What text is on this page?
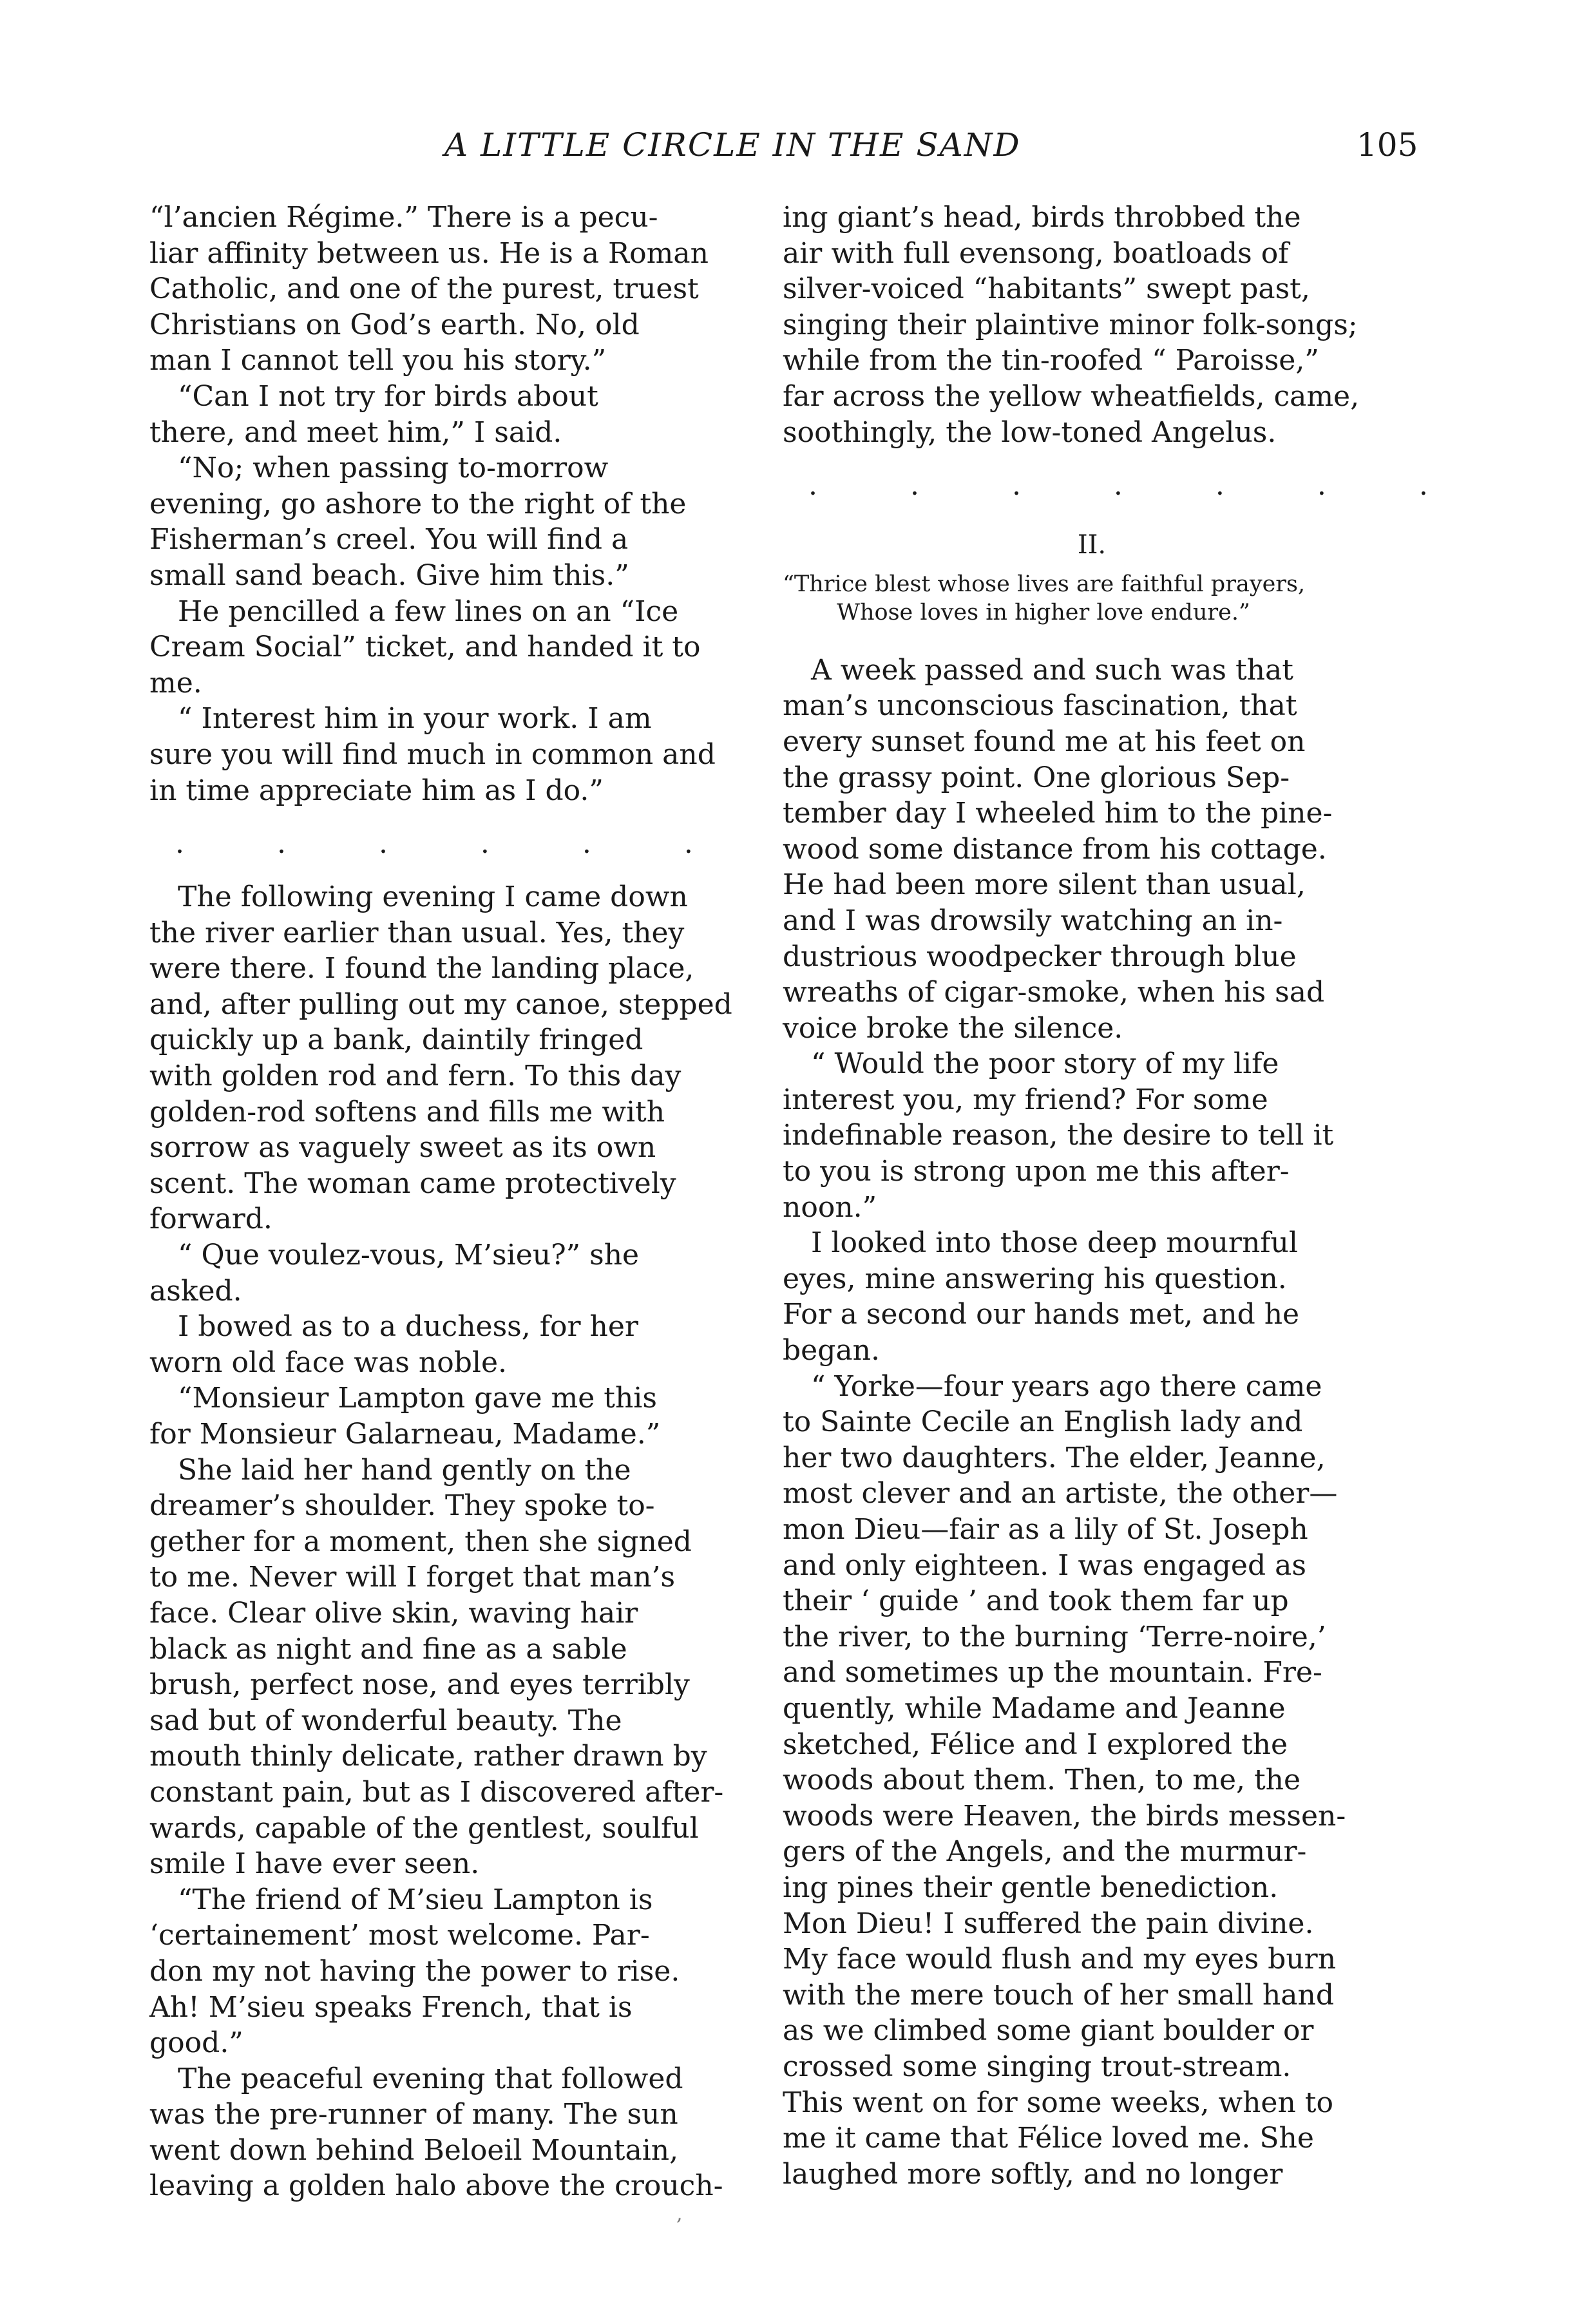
A LITTLE CIRCLE IN THE SAND	105
“l’ancien Régime.” There is a pecu-
liar affinity between us. He is a Roman
Catholic, and one of the purest, truest
Christians on God’s earth. No, old
man I cannot tell you his story.”
“Can I not try for birds about
there, and meet him,” I said.
“No; when passing to-morrow
evening, go ashore to the right of the
Fisherman’s creel. You will find a
small sand beach. Give him this.”
He pencilled a few lines on an “Ice
Cream Social” ticket, and handed it to
me.
“ Interest him in your work. I am
sure you will find much in common and
in time appreciate him as I do.”
. . . . . .
The following evening I came down
the river earlier than usual. Yes, they
were there. I found the landing place,
and, after pulling out my canoe, stepped
quickly up a bank, daintily fringed
with golden rod and fern. To this day
golden-rod softens and fills me with
sorrow as vaguely sweet as its own
scent. The woman came protectively
forward.
“ Que voulez-vous, M’sieu?” she
asked.
I bowed as to a duchess, for her
worn old face was noble.
“Monsieur Lampton gave me this
for Monsieur Galarneau, Madame.”
She laid her hand gently on the
dreamer’s shoulder. They spoke to-
gether for a moment, then she signed
to me. Never will I forget that man’s
face. Clear olive skin, waving hair
black as night and fine as a sable
brush, perfect nose, and eyes terribly
sad but of wonderful beauty. The
mouth thinly delicate, rather drawn by
constant pain, but as I discovered after-
wards, capable of the gentlest, soulful
smile I have ever seen.
“The friend of M’sieu Lampton is
‘certainement’ most welcome. Par-
don my not having the power to rise.
Ah! M’sieu speaks French, that is
good.”
The peaceful evening that followed
was the pre-runner of many. The sun
went down behind Beloeil Mountain,
leaving a golden halo above the crouch-
ing giant’s head, birds throbbed the
air with full evensong, boatloads of
silver-voiced “habitants” swept past,
singing their plaintive minor folk-songs;
while from the tin-roofed “ Paroisse,”
far across the yellow wheatfields, came,
soothingly, the low-toned Angelus.
. . . . . . .
II.
“Thrice blest whose lives are faithful prayers,
Whose loves in higher love endure.”
A week passed and such was that
man’s unconscious fascination, that
every sunset found me at his feet on
the grassy point. One glorious Sep-
tember day I wheeled him to the pine-
wood some distance from his cottage.
He had been more silent than usual,
and I was drowsily watching an in-
dustrious woodpecker through blue
wreaths of cigar-smoke, when his sad
voice broke the silence.
“ Would the poor story of my life
interest you, my friend? For some
indefinable reason, the desire to tell it
to you is strong upon me this after-
noon.”
I looked into those deep mournful
eyes, mine answering his question.
For a second our hands met, and he
began.
“ Yorke—four years ago there came
to Sainte Cecile an English lady and
her two daughters. The elder, Jeanne,
most clever and an artiste, the other—
mon Dieu—fair as a lily of St. Joseph
and only eighteen. I was engaged as
their ‘ guide ’ and took them far up
the river, to the burning ‘Terre-noire,’
and sometimes up the mountain. Fre-
quently, while Madame and Jeanne
sketched, Félice and I explored the
woods about them. Then, to me, the
woods were Heaven, the birds messen-
gers of the Angels, and the murmur-
ing pines their gentle benediction.
Mon Dieu! I suffered the pain divine.
My face would flush and my eyes burn
with the mere touch of her small hand
as we climbed some giant boulder or
crossed some singing trout-stream.
This went on for some weeks, when to
me it came that Félice loved me. She
laughed more softly, and no longer
,
